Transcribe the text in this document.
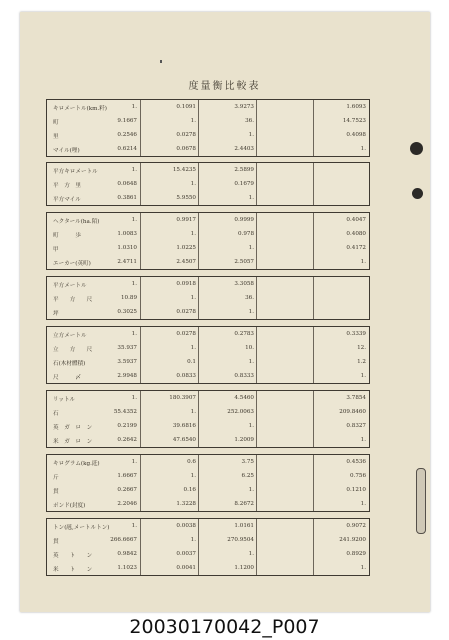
度量衡比較表
キロメートル(km.粁)	1.	0.1091	3.9273	1.6093
町	9.1667	1.	36.	14.7523
里	0.2546	0.0278	1.	0.4098
マイル(哩)	0.6214	0.0678	2.4403	1.
平方キロメートル	1.	15.4235	2.5899
平　方　里	0.0648	1.	0.1679
平方マイル	0.3861	5.9550	1.
ヘクタール(ha.陌)	1.	0.9917	0.9999	0.4047
町　　　歩	1.0083	1.	0.978	0.4080
甲	1.0310	1.0225	1.	0.4172
エーカー(英町)	2.4711	2.4507	2.5057	1.
平方メートル	1.	0.0918	3.3058
平　　方　　尺	10.89	1.	36.
坪	0.3025	0.0278	1.
立方メートル	1.	0.0278	0.2783	0.3339
立　　方　　尺	35.937	1.	10.	12.
石(木材體積)	3.5937	0.1	1.	1.2
尺　　　〆	2.9948	0.0833	0.8333	1.
リットル	1.	180.3907	4.5460	3.7854
石	55.4352	1.	252.0063	209.8460
英　ガ　ロ　ン	0.2199	39.6816	1.	0.8327
米　ガ　ロ　ン	0.2642	47.6540	1.2009	1.
キログラム(kg.瓩)	1.	0.6	3.75	0.4536
斤	1.6667	1.	6.25	0.756
貫	0.2667	0.16	1.	0.1210
ポンド(封度)	2.2046	1.3228	8.2672	1.
トン(瓲,メートルトン)	1.	0.0038	1.0161	0.9072
貫	266.6667	1.	270.9504	241.9200
英　　ト　　ン	0.9842	0.0037	1.	0.8929
米　　ト　　ン	1.1023	0.0041	1.1200	1.
20030170042_P007
